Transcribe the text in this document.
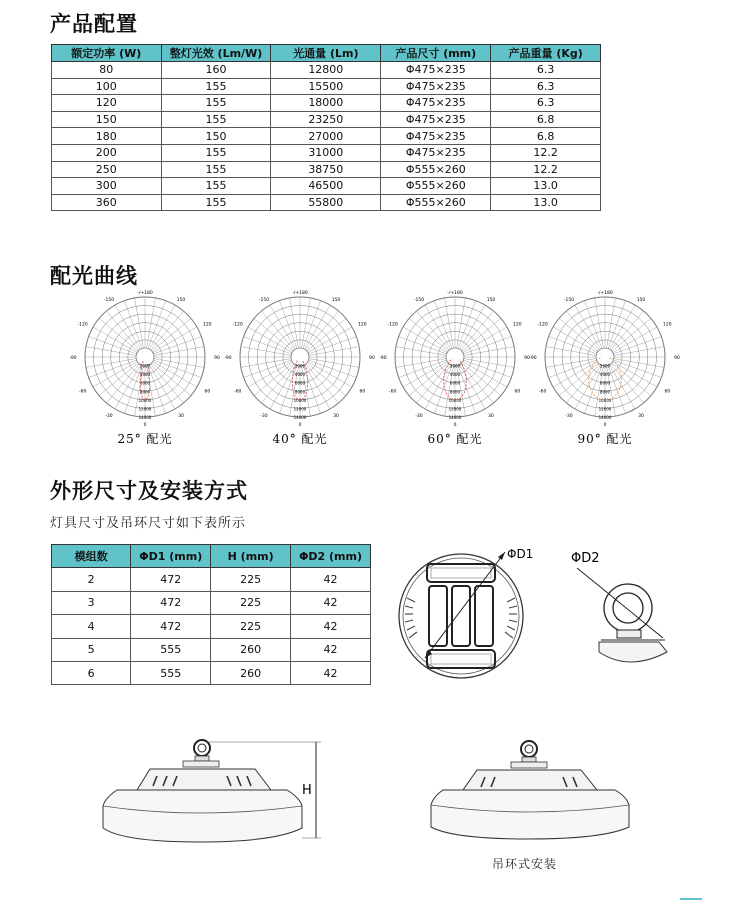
产品配置
额定功率 (W)	整灯光效 (Lm/W)	光通量 (Lm)	产品尺寸 (mm)	产品重量 (Kg)
80	160	12800	Φ475×235	6.3
100	155	15500	Φ475×235	6.3
120	155	18000	Φ475×235	6.3
150	155	23250	Φ475×235	6.8
180	150	27000	Φ475×235	6.8
200	155	31000	Φ475×235	12.2
250	155	38750	Φ555×260	12.2
300	155	46500	Φ555×260	13.0
360	155	55800	Φ555×260	13.0
配光曲线
-/+180
-150	150
-120	120
-90	90
-60	60
-30	30
0
2000
4000
6000
8000
10000
12000
14000
25° 配光
-/+180
-150	150
-120	120
-90	90
-60	60
-30	30
0
2000
4000
6000
8000
10000
12000
14000
40° 配光
-/+180
-150	150
-120	120
-90	90
-60	60
-30	30
0
2000
4000
6000
8000
10000
12000
14000
60° 配光
-/+180
-150	150
-120	120
-90	90
-60	60
-30	30
0
2000
4000
6000
8000
10000
12000
14000
90° 配光
外形尺寸及安装方式
灯具尺寸及吊环尺寸如下表所示
模组数	ΦD1 (mm)	H (mm)	ΦD2 (mm)
2	472	225	42
3	472	225	42
4	472	225	42
5	555	260	42
6	555	260	42
ΦD1	ΦD2
H
吊环式安装
